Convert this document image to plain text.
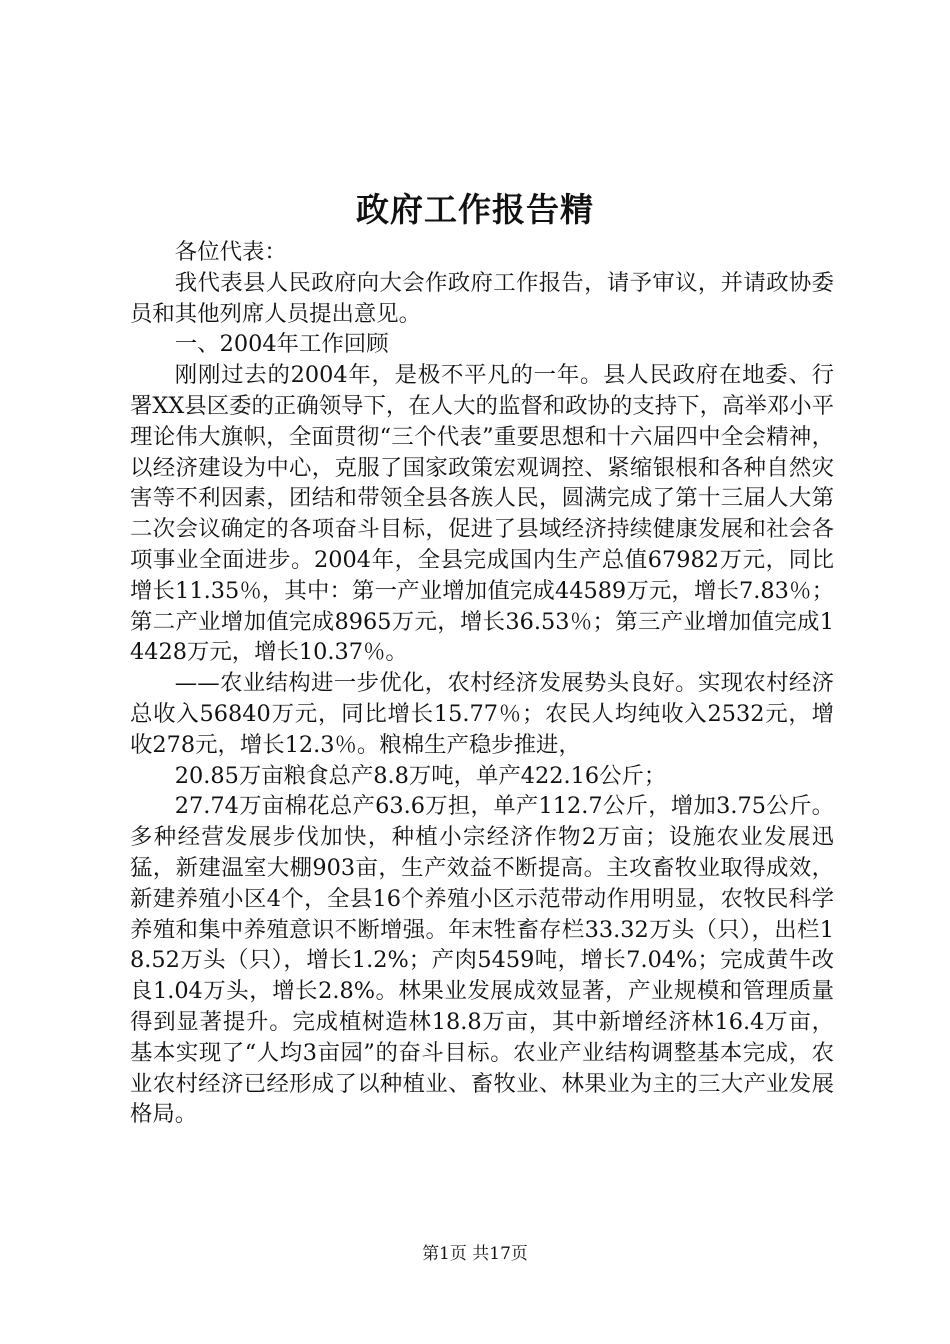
政府工作报告精

各位代表：

我代表县人民政府向大会作政府工作报告，请予审议，并请政协委员和其他列席人员提出意见。

一、2004年工作回顾

刚刚过去的2004年，是极不平凡的一年。县人民政府在地委、行署XX县区委的正确领导下，在人大的监督和政协的支持下，高举邓小平理论伟大旗帜，全面贯彻“三个代表”重要思想和十六届四中全会精神，以经济建设为中心，克服了国家政策宏观调控、紧缩银根和各种自然灾害等不利因素，团结和带领全县各族人民，圆满完成了第十三届人大第二次会议确定的各项奋斗目标，促进了县域经济持续健康发展和社会各项事业全面进步。2004年，全县完成国内生产总值67982万元，同比增长11.35％，其中：第一产业增加值完成44589万元，增长7.83％；第二产业增加值完成8965万元，增长36.53％；第三产业增加值完成14428万元，增长10.37％。

——农业结构进一步优化，农村经济发展势头良好。实现农村经济总收入56840万元，同比增长15.77％；农民人均纯收入2532元，增收278元，增长12.3％。粮棉生产稳步推进，

20.85万亩粮食总产8.8万吨，单产422.16公斤；

27.74万亩棉花总产63.6万担，单产112.7公斤，增加3.75公斤。多种经营发展步伐加快，种植小宗经济作物2万亩；设施农业发展迅猛，新建温室大棚903亩，生产效益不断提高。主攻畜牧业取得成效，新建养殖小区4个，全县16个养殖小区示范带动作用明显，农牧民科学养殖和集中养殖意识不断增强。年末牲畜存栏33.32万头（只），出栏18.52万头（只），增长1.2%；产肉5459吨，增长7.04%；完成黄牛改良1.04万头，增长2.8%。林果业发展成效显著，产业规模和管理质量得到显著提升。完成植树造林18.8万亩，其中新增经济林16.4万亩，基本实现了“人均3亩园”的奋斗目标。农业产业结构调整基本完成，农业农村经济已经形成了以种植业、畜牧业、林果业为主的三大产业发展格局。

第1页 共17页
